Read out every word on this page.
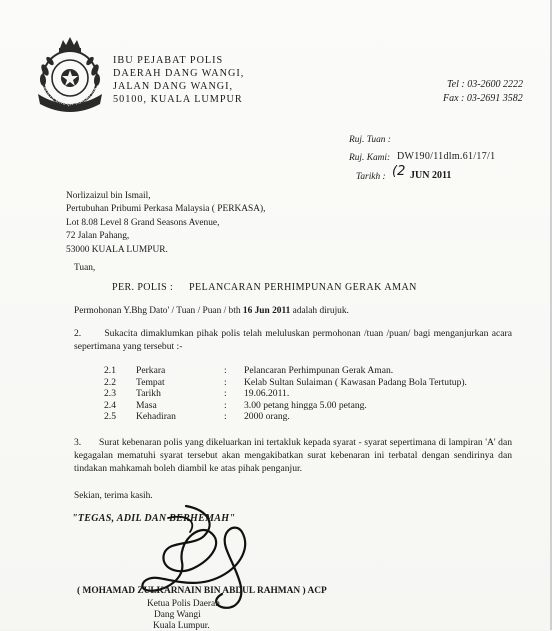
POLIS DIRAJA MALAYSIA
IBU PEJABAT POLIS
DAERAH DANG WANGI,
JALAN DANG WANGI,
50100, KUALA LUMPUR
Tel : 03-2600 2222
Fax : 03-2691 3582
Ruj. Tuan :
Ruj. Kami: DW190/11dlm.61/17/1
Tarikh : (2 JUN 2011
Norlizaizul bin Ismail,
Pertubuhan Pribumi Perkasa Malaysia ( PERKASA),
Lot 8.08 Level 8 Grand Seasons Avenue,
72 Jalan Pahang,
53000 KUALA LUMPUR.
Tuan,
PER. POLIS : PELANCARAN PERHIMPUNAN GERAK AMAN
Permohonan Y.Bhg Dato' / Tuan / Puan / bth 16 Jun 2011 adalah dirujuk.
2. Sukacita dimaklumkan pihak polis telah meluluskan permohonan /tuan /puan/ bagi menganjurkan acara sepertimana yang tersebut :-
2.1 Perkara	: Pelancaran Perhimpunan Gerak Aman.
2.2 Tempat	: Kelab Sultan Sulaiman ( Kawasan Padang Bola Tertutup).
2.3 Tarikh	: 19.06.2011.
2.4 Masa	: 3.00 petang hingga 5.00 petang.
2.5 Kehadiran	: 2000 orang.
3. Surat kebenaran polis yang dikeluarkan ini tertakluk kepada syarat - syarat sepertimana di lampiran 'A' dan kegagalan mematuhi syarat tersebut akan mengakibatkan surat kebenaran ini terbatal dengan sendirinya dan tindakan mahkamah boleh diambil ke atas pihak penganjur.
Sekian, terima kasih.
"TEGAS, ADIL DAN BERHEMAH"
( MOHAMAD ZULKARNAIN BIN ABDUL RAHMAN ) ACP
Ketua Polis Daerah
Dang Wangi
Kuala Lumpur.
